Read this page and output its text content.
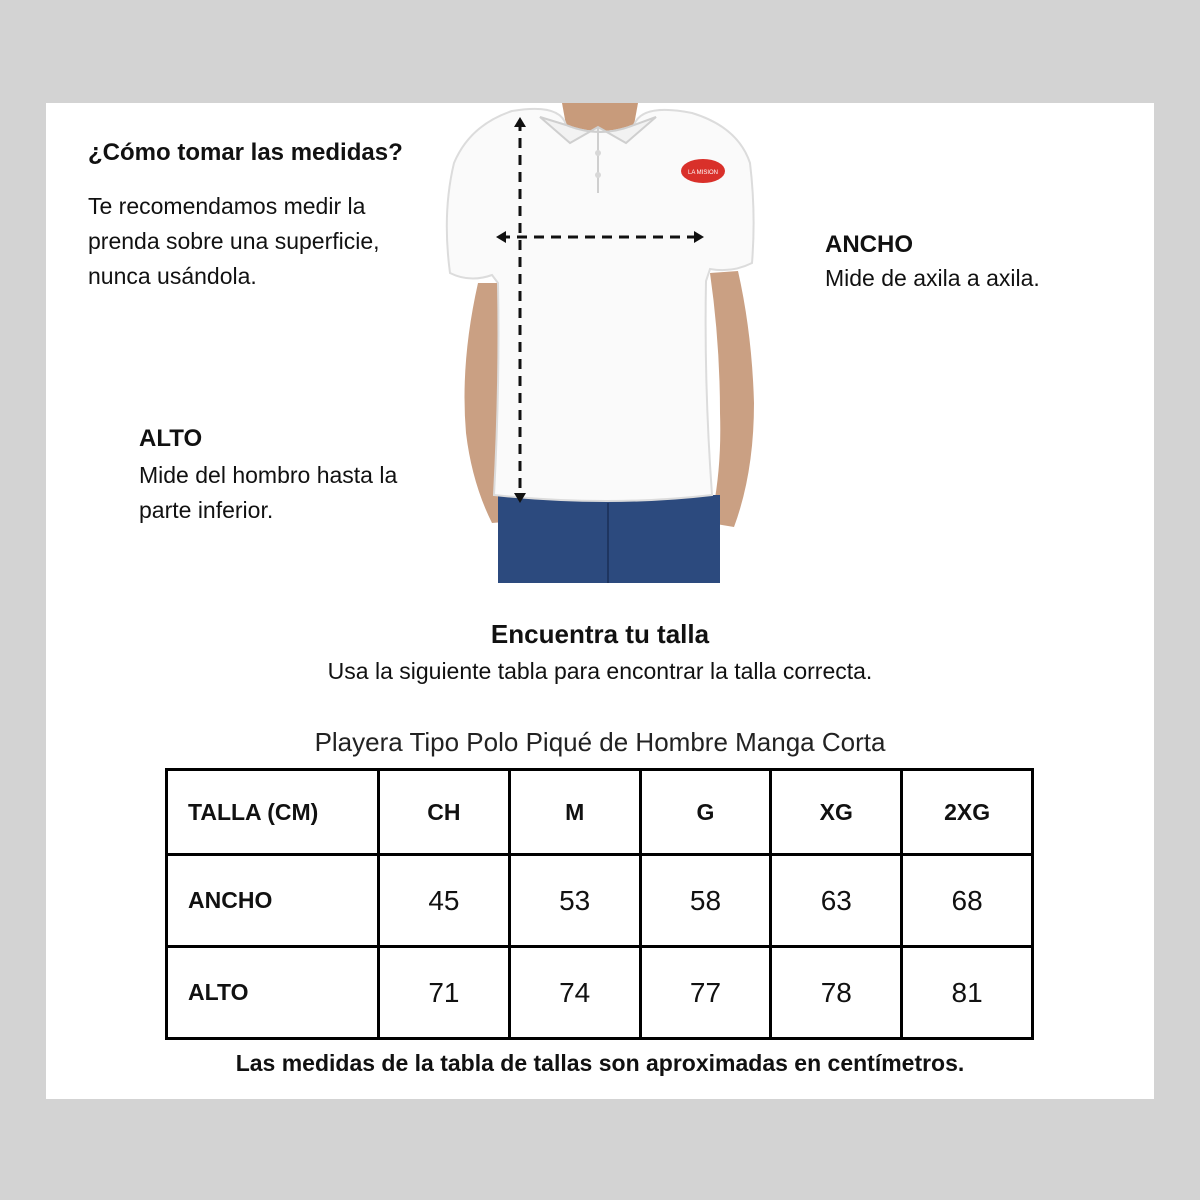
¿Cómo tomar las medidas?
Te recomendamos medir la prenda sobre una superficie, nunca usándola.
LA MISION
ANCHO
Mide de axila a axila.
ALTO
Mide del hombro hasta la parte inferior.
Encuentra tu talla
Usa la siguiente tabla para encontrar la talla correcta.
Playera Tipo Polo Piqué de Hombre Manga Corta
TALLA (CM)	CH	M	G	XG	2XG
ANCHO	45	53	58	63	68
ALTO	71	74	77	78	81
Las medidas de la tabla de tallas son aproximadas en centímetros.
